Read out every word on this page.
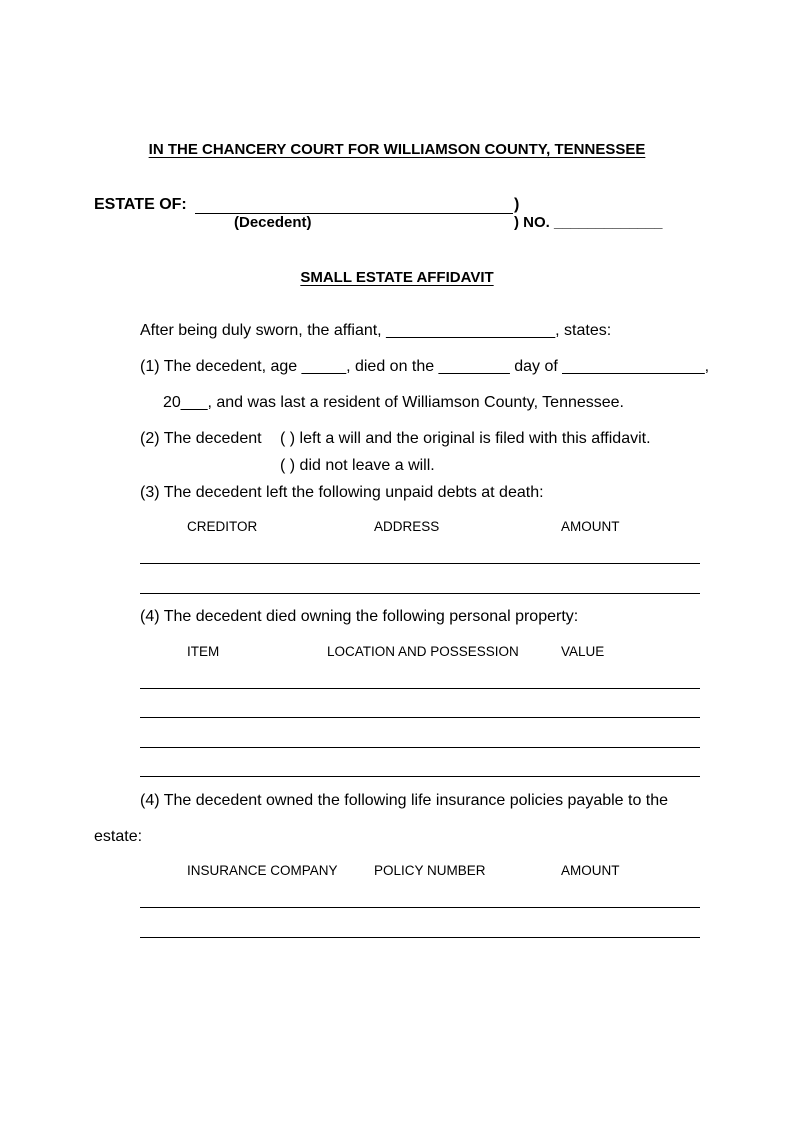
IN THE CHANCERY COURT FOR WILLIAMSON COUNTY, TENNESSEE
ESTATE OF:	)
(Decedent)	) NO. _____________
SMALL ESTATE AFFIDAVIT
After being duly sworn, the affiant, ___________________, states:
(1) The decedent, age _____, died on the ________ day of ________________,
20___, and was last a resident of Williamson County, Tennessee.
(2) The decedent ( ) left a will and the original is filed with this affidavit.
( ) did not leave a will.
(3) The decedent left the following unpaid debts at death:
CREDITOR	ADDRESS	AMOUNT
(4) The decedent died owning the following personal property:
ITEM	LOCATION AND POSSESSION	VALUE
(4) The decedent owned the following life insurance policies payable to the
estate:
INSURANCE COMPANY	POLICY NUMBER	AMOUNT
